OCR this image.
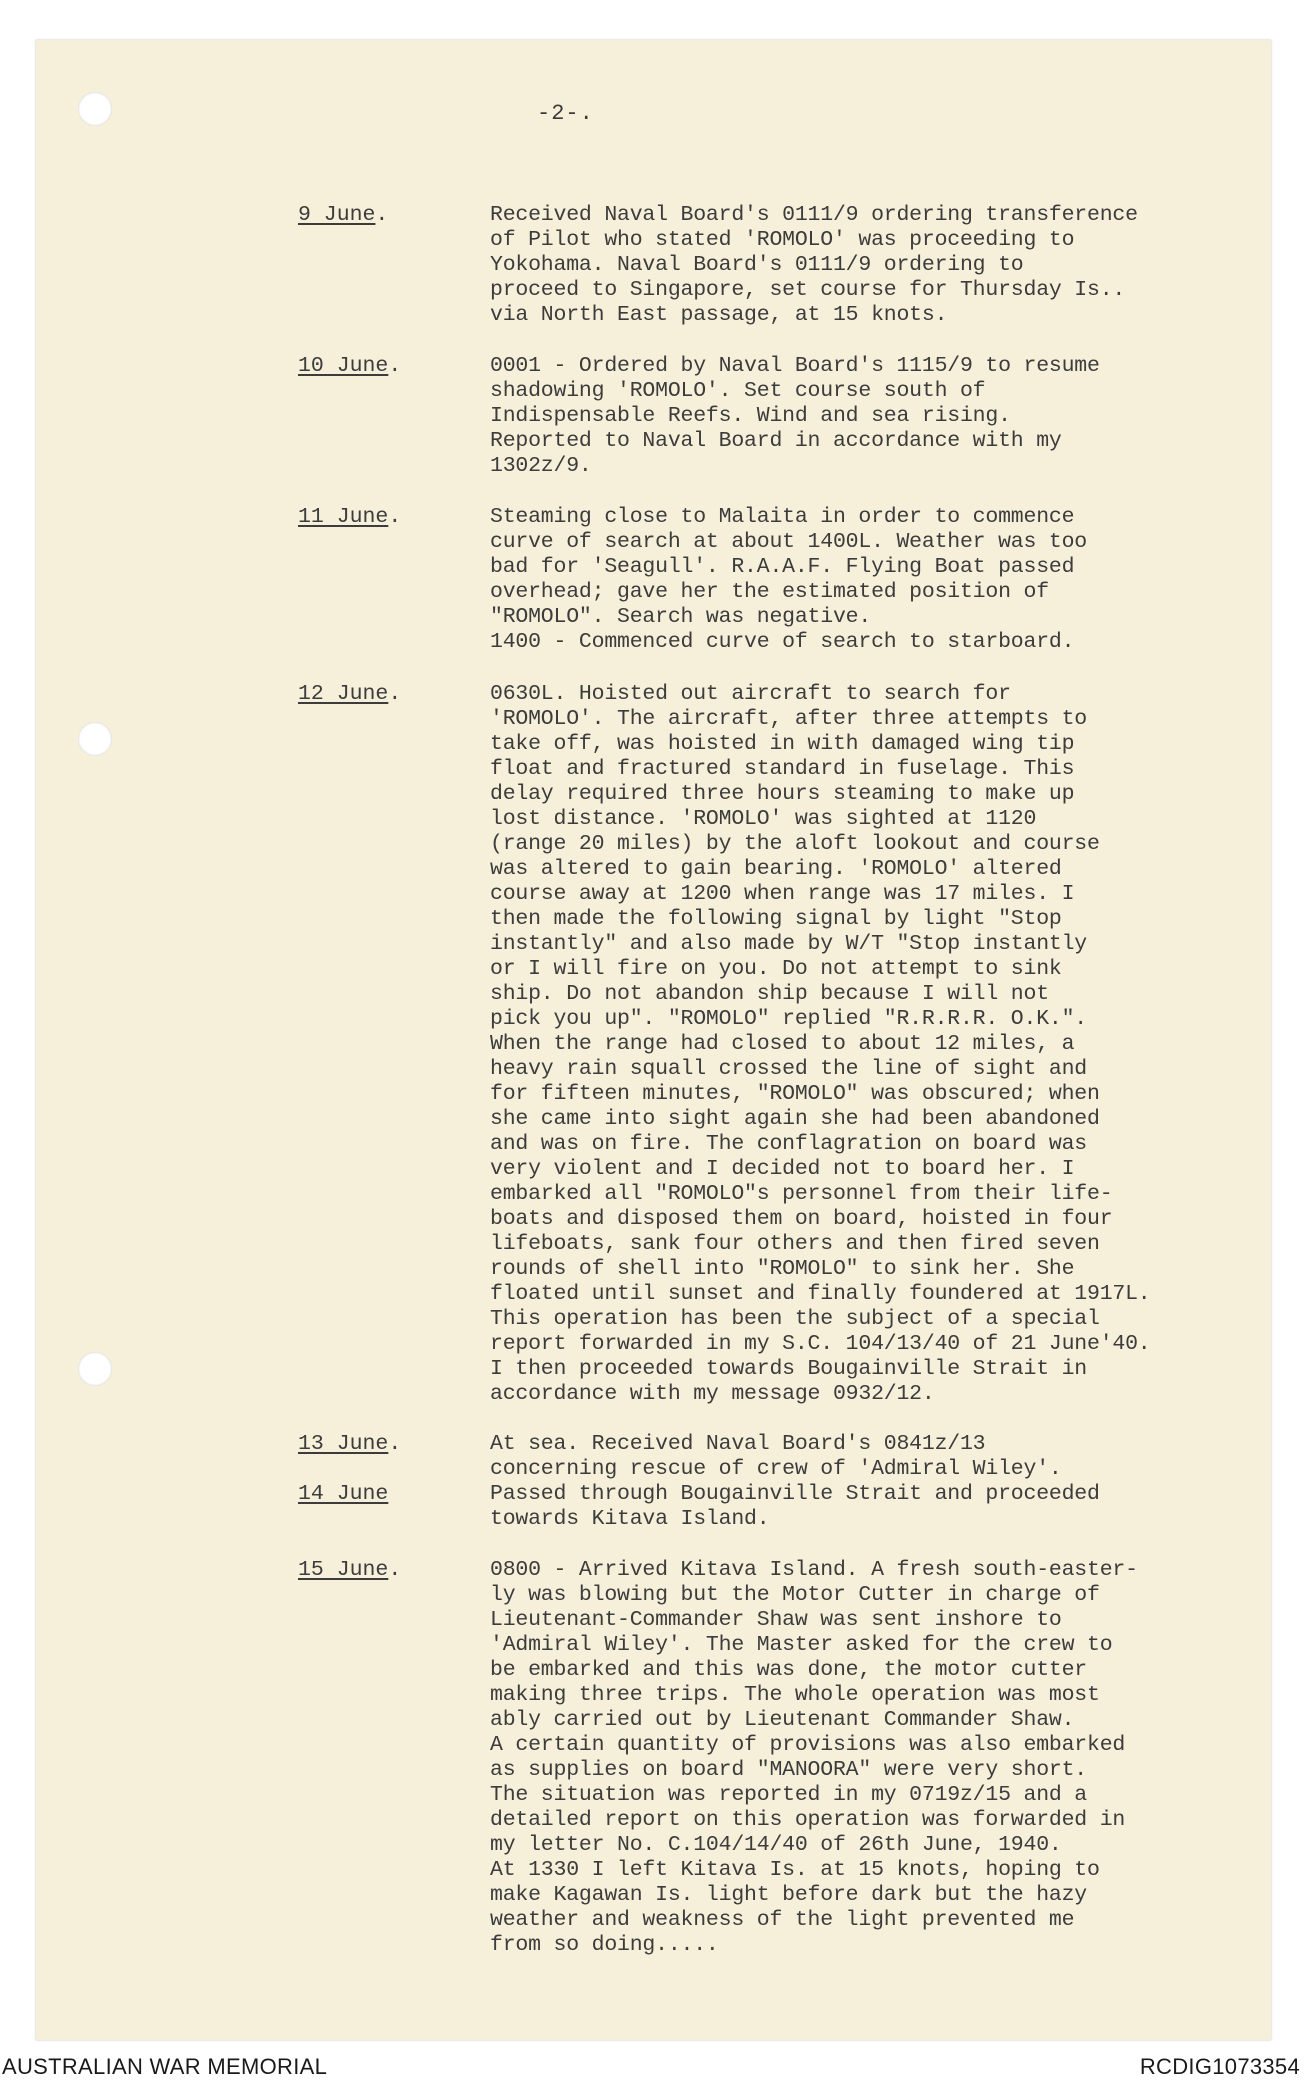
-2-.
9 June.	Received Naval Board's 0111/9 ordering transference
of Pilot who stated 'ROMOLO' was proceeding to
Yokohama. Naval Board's 0111/9 ordering to
proceed to Singapore, set course for Thursday Is..
via North East passage, at 15 knots.
10 June.	0001 - Ordered by Naval Board's 1115/9 to resume
shadowing 'ROMOLO'. Set course south of
Indispensable Reefs. Wind and sea rising.
Reported to Naval Board in accordance with my
1302z/9.
11 June.	Steaming close to Malaita in order to commence
curve of search at about 1400L. Weather was too
bad for 'Seagull'. R.A.A.F. Flying Boat passed
overhead; gave her the estimated position of
"ROMOLO". Search was negative.
1400 - Commenced curve of search to starboard.
12 June.	0630L. Hoisted out aircraft to search for
'ROMOLO'. The aircraft, after three attempts to
take off, was hoisted in with damaged wing tip
float and fractured standard in fuselage. This
delay required three hours steaming to make up
lost distance. 'ROMOLO' was sighted at 1120
(range 20 miles) by the aloft lookout and course
was altered to gain bearing. 'ROMOLO' altered
course away at 1200 when range was 17 miles. I
then made the following signal by light "Stop
instantly" and also made by W/T "Stop instantly
or I will fire on you. Do not attempt to sink
ship. Do not abandon ship because I will not
pick you up". "ROMOLO" replied "R.R.R.R. O.K.".
When the range had closed to about 12 miles, a
heavy rain squall crossed the line of sight and
for fifteen minutes, "ROMOLO" was obscured; when
she came into sight again she had been abandoned
and was on fire. The conflagration on board was
very violent and I decided not to board her. I
embarked all "ROMOLO"s personnel from their life-
boats and disposed them on board, hoisted in four
lifeboats, sank four others and then fired seven
rounds of shell into "ROMOLO" to sink her. She
floated until sunset and finally foundered at 1917L.
This operation has been the subject of a special
report forwarded in my S.C. 104/13/40 of 21 June'40.
I then proceeded towards Bougainville Strait in
accordance with my message 0932/12.
13 June.	At sea. Received Naval Board's 0841z/13
concerning rescue of crew of 'Admiral Wiley'.
14 June	Passed through Bougainville Strait and proceeded
towards Kitava Island.
15 June.	0800 - Arrived Kitava Island. A fresh south-easter-
ly was blowing but the Motor Cutter in charge of
Lieutenant-Commander Shaw was sent inshore to
'Admiral Wiley'. The Master asked for the crew to
be embarked and this was done, the motor cutter
making three trips. The whole operation was most
ably carried out by Lieutenant Commander Shaw.
A certain quantity of provisions was also embarked
as supplies on board "MANOORA" were very short.
The situation was reported in my 0719z/15 and a
detailed report on this operation was forwarded in
my letter No. C.104/14/40 of 26th June, 1940.
At 1330 I left Kitava Is. at 15 knots, hoping to
make Kagawan Is. light before dark but the hazy
weather and weakness of the light prevented me
from so doing.....
AUSTRALIAN WAR MEMORIAL	RCDIG1073354
